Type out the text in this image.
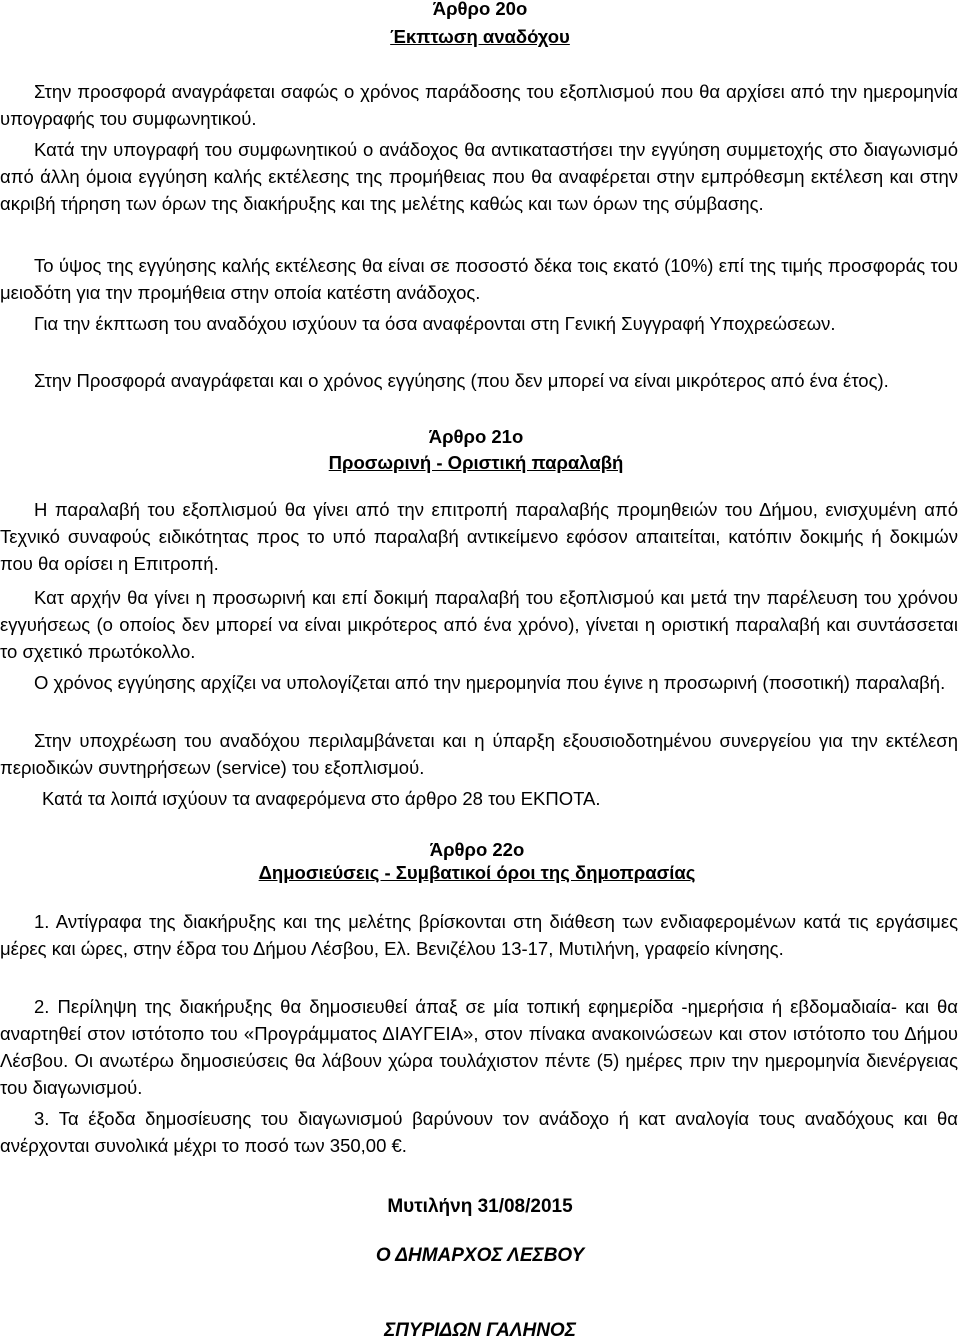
Άρθρο 20ο
Έκπτωση αναδόχου

Στην προσφορά αναγράφεται σαφώς ο χρόνος παράδοσης του εξοπλισμού που θα αρχίσει από την ημερομηνία υπογραφής του συμφωνητικού.

Κατά την υπογραφή του συμφωνητικού ο ανάδοχος θα αντικαταστήσει την εγγύηση συμμετοχής στο διαγωνισμό από άλλη όμοια εγγύηση καλής εκτέλεσης της προμήθειας που θα αναφέρεται στην εμπρόθεσμη εκτέλεση και στην ακριβή τήρηση των όρων της διακήρυξης και της μελέτης καθώς και των όρων της σύμβασης.

Το ύψος της εγγύησης καλής εκτέλεσης θα είναι σε ποσοστό δέκα τοις εκατό (10%) επί της τιμής προσφοράς του μειοδότη για την προμήθεια στην οποία κατέστη ανάδοχος.

Για την έκπτωση του αναδόχου ισχύουν τα όσα αναφέρονται στη Γενική Συγγραφή Υποχρεώσεων.

Στην Προσφορά αναγράφεται και ο χρόνος εγγύησης (που δεν μπορεί να είναι μικρότερος από ένα έτος).

Άρθρο 21ο
Προσωρινή - Οριστική παραλαβή

Η παραλαβή του εξοπλισμού θα γίνει από την επιτροπή παραλαβής προμηθειών του Δήμου, ενισχυμένη από Τεχνικό συναφούς ειδικότητας προς το υπό παραλαβή αντικείμενο εφόσον απαιτείται, κατόπιν δοκιμής ή δοκιμών που θα ορίσει η Επιτροπή.

Κατ αρχήν θα γίνει η προσωρινή και επί δοκιμή παραλαβή του εξοπλισμού και μετά την παρέλευση του χρόνου εγγυήσεως (ο οποίος δεν μπορεί να είναι μικρότερος από ένα χρόνο), γίνεται η οριστική παραλαβή και συντάσσεται το σχετικό πρωτόκολλο.

Ο χρόνος εγγύησης αρχίζει να υπολογίζεται από την ημερομηνία που έγινε η προσωρινή (ποσοτική) παραλαβή.

Στην υποχρέωση του αναδόχου περιλαμβάνεται και η ύπαρξη εξουσιοδοτημένου συνεργείου για την εκτέλεση περιοδικών συντηρήσεων (service) του εξοπλισμού.

Κατά τα λοιπά ισχύουν τα αναφερόμενα στο άρθρο 28 του ΕΚΠΟΤΑ.

Άρθρο 22ο
Δημοσιεύσεις - Συμβατικοί όροι της δημοπρασίας

1. Αντίγραφα της διακήρυξης και της μελέτης βρίσκονται στη διάθεση των ενδιαφερομένων κατά τις εργάσιμες μέρες και ώρες, στην έδρα του Δήμου Λέσβου, Ελ. Βενιζέλου 13-17, Μυτιλήνη, γραφείο κίνησης.

2. Περίληψη της διακήρυξης θα δημοσιευθεί άπαξ σε μία τοπική εφημερίδα -ημερήσια ή εβδομαδιαία- και θα αναρτηθεί στον ιστότοπο του «Προγράμματος ΔΙΑΥΓΕΙΑ», στον πίνακα ανακοινώσεων και στον ιστότοπο του Δήμου Λέσβου. Οι ανωτέρω δημοσιεύσεις θα λάβουν χώρα τουλάχιστον πέντε (5) ημέρες πριν την ημερομηνία διενέργειας του διαγωνισμού.

3. Τα έξοδα δημοσίευσης του διαγωνισμού βαρύνουν τον ανάδοχο ή κατ αναλογία τους αναδόχους και θα ανέρχονται συνολικά μέχρι το ποσό των 350,00 €.

Μυτιλήνη 31/08/2015
Ο ΔΗΜΑΡΧΟΣ ΛΕΣΒΟΥ
ΣΠΥΡΙΔΩΝ ΓΑΛΗΝΟΣ
